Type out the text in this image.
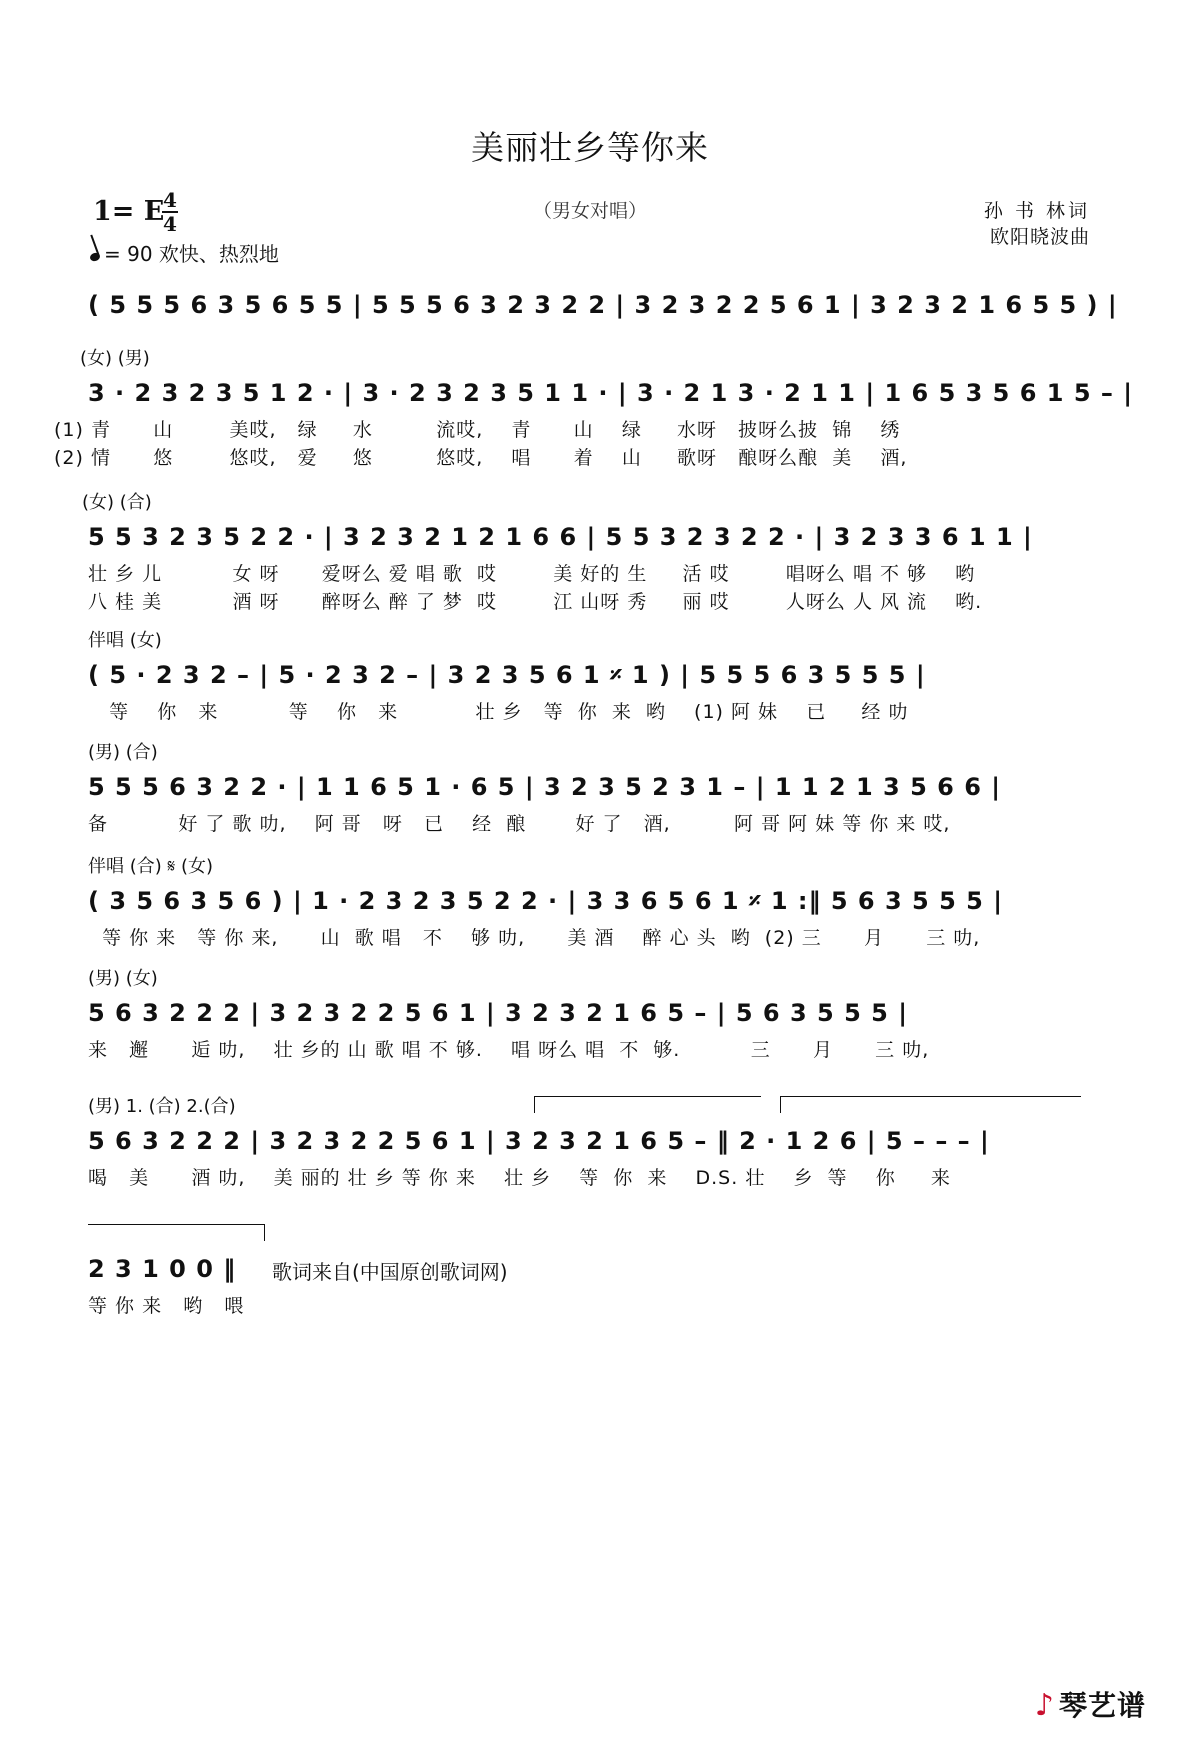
美丽壮乡等你来
1= E
4
4
（男女对唱）	孙 书 林词
欧阳晓波曲
= 90 欢快、热烈地
( 5 5 5 6 3 5 6 5 5 | 5 5 5 6 3 2 3 2 2 | 3 2 3 2 2 5 6 1 | 3 2 3 2 1 6 5 5 ) |
(女) (男)
3 · 2 3 2 3 5 1 2 · | 3 · 2 3 2 3 5 1 1 · | 3 · 2 1 3 · 2 1 1 | 1 6 5 3 5 6 1 5 – |
(1) 青      山        美哎,   绿     水         流哎,    青      山    绿     水呀   披呀么披  锦    绣
(2) 情      悠        悠哎,   爱     悠         悠哎,    唱      着    山     歌呀   酿呀么酿  美    酒,
(女) (合)
5 5 3 2 3 5 2 2 · | 3 2 3 2 1 2 1 6 6 | 5 5 3 2 3 2 2 · | 3 2 3 3 6 1 1 |
壮 乡 儿          女 呀      爱呀么 爱 唱 歌  哎        美 好的 生     活 哎        唱呀么 唱 不 够    哟
八 桂 美          酒 呀      醉呀么 醉 了 梦  哎        江 山呀 秀     丽 哎        人呀么 人 风 流    哟.
伴唱 (女)
( 5 · 2 3 2 – | 5 · 2 3 2 – | 3 2 3 5 6 1 𝄎 1 ) | 5 5 5 6 3 5 5 5 |
等    你   来          等    你   来           壮 乡   等  你  来  哟    (1) 阿 妹    已     经 叻
(男) (合)
5 5 5 6 3 2 2 · | 1 1 6 5 1 · 6 5 | 3 2 3 5 2 3 1 – | 1 1 2 1 3 5 6 6 |
备          好 了 歌 叻,    阿 哥   呀   已    经  酿       好 了   酒,         阿 哥 阿 妹 等 你 来 哎,
伴唱 (合) 𝄋 (女)
( 3 5 6 3 5 6 ) | 1 · 2 3 2 3 5 2 2 · | 3 3 6 5 6 1 𝄎 1 :‖ 5 6 3 5 5 5 |
等 你 来   等 你 来,      山  歌 唱   不    够 叻,      美 酒    醉 心 头  哟  (2) 三      月      三 叻,
(男) (女)
5 6 3 2 2 2 | 3 2 3 2 2 5 6 1 | 3 2 3 2 1 6 5 – | 5 6 3 5 5 5 |
来   邂      逅 叻,    壮 乡的 山 歌 唱 不 够.    唱 呀么 唱  不  够.          三      月      三 叻,
(男) 1. (合) 2.(合)
5 6 3 2 2 2 | 3 2 3 2 2 5 6 1 | 3 2 3 2 1 6 5 – ‖ 2 · 1 2 6 | 5 – – – |
喝   美      酒 叻,    美 丽的 壮 乡 等 你 来    壮 乡    等  你  来    D.S. 壮    乡  等    你     来
2 3 1 0 0 ‖	歌词来自(中国原创歌词网)
等 你 来   哟   喂
♪ 琴艺谱
